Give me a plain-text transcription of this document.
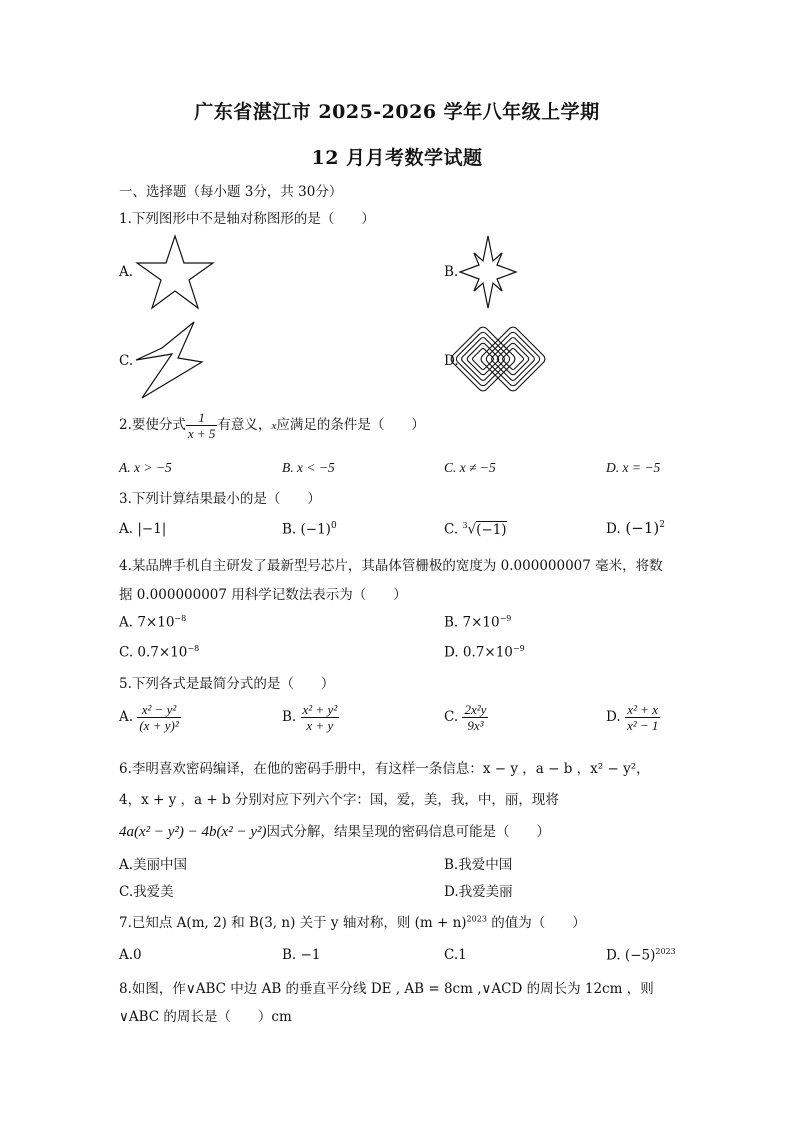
广东省湛江市 2025-2026 学年八年级上学期
12 月月考数学试题
一、选择题（每小题 3分，共 30分）
1.下列图形中不是轴对称图形的是（　　）
A.	B.
C.	D.
2.要使分式 $\frac{1}{x + 5}$ 有意义，x应满足的条件是（　　）
A. x > −5	B. x < −5	C. x ≠ −5	D. x = −5
3.下列计算结果最小的是（　　）
A. |−1|	B. $(-1)^0$	C. $^3$√(−1)	D. $(-1)^2$
4.某品牌手机自主研发了最新型号芯片，其晶体管栅极的宽度为 0.000000007 毫米，将数
据 0.000000007 用科学记数法表示为（　　）
A. $7\times 10^{-8}$	B. $7\times 10^{-9}$
C. $0.7\times 10^{-8}$	D. $0.7\times 10^{-9}$
5.下列各式是最简分式的是（　　）
A. $\frac{\text{x² − y²}}{\text{(x + y)²}}$	B. $\frac{\text{x² + y²}}{x + y}$	C. $\frac{\text{2x²y}}{\text{9x³}}$	D. $\frac{\text{x² + x}}{\text{x² − 1}}$
6.李明喜欢密码编译，在他的密码手册中，有这样一条信息：x − y ，a − b ，x² − y²，
4，x + y ，a + b 分别对应下列六个字：国，爱，美，我，中，丽，现将
4a(x² − y²) − 4b(x² − y²)因式分解，结果呈现的密码信息可能是（　　）
A.美丽中国	B.我爱中国
C.我爱美	D.我爱美丽
7.已知点 A(m, 2) 和 B(3, n) 关于 y 轴对称，则 $(m + n)^{2023}$ 的值为（　　）
A.0	B. −1	C.1	D. $(-5)^{2023}$
8.如图，作∨ABC 中边 AB 的垂直平分线 DE , AB = 8cm ,∨ACD 的周长为 12cm ，则
∨ABC 的周长是（　　）cm
